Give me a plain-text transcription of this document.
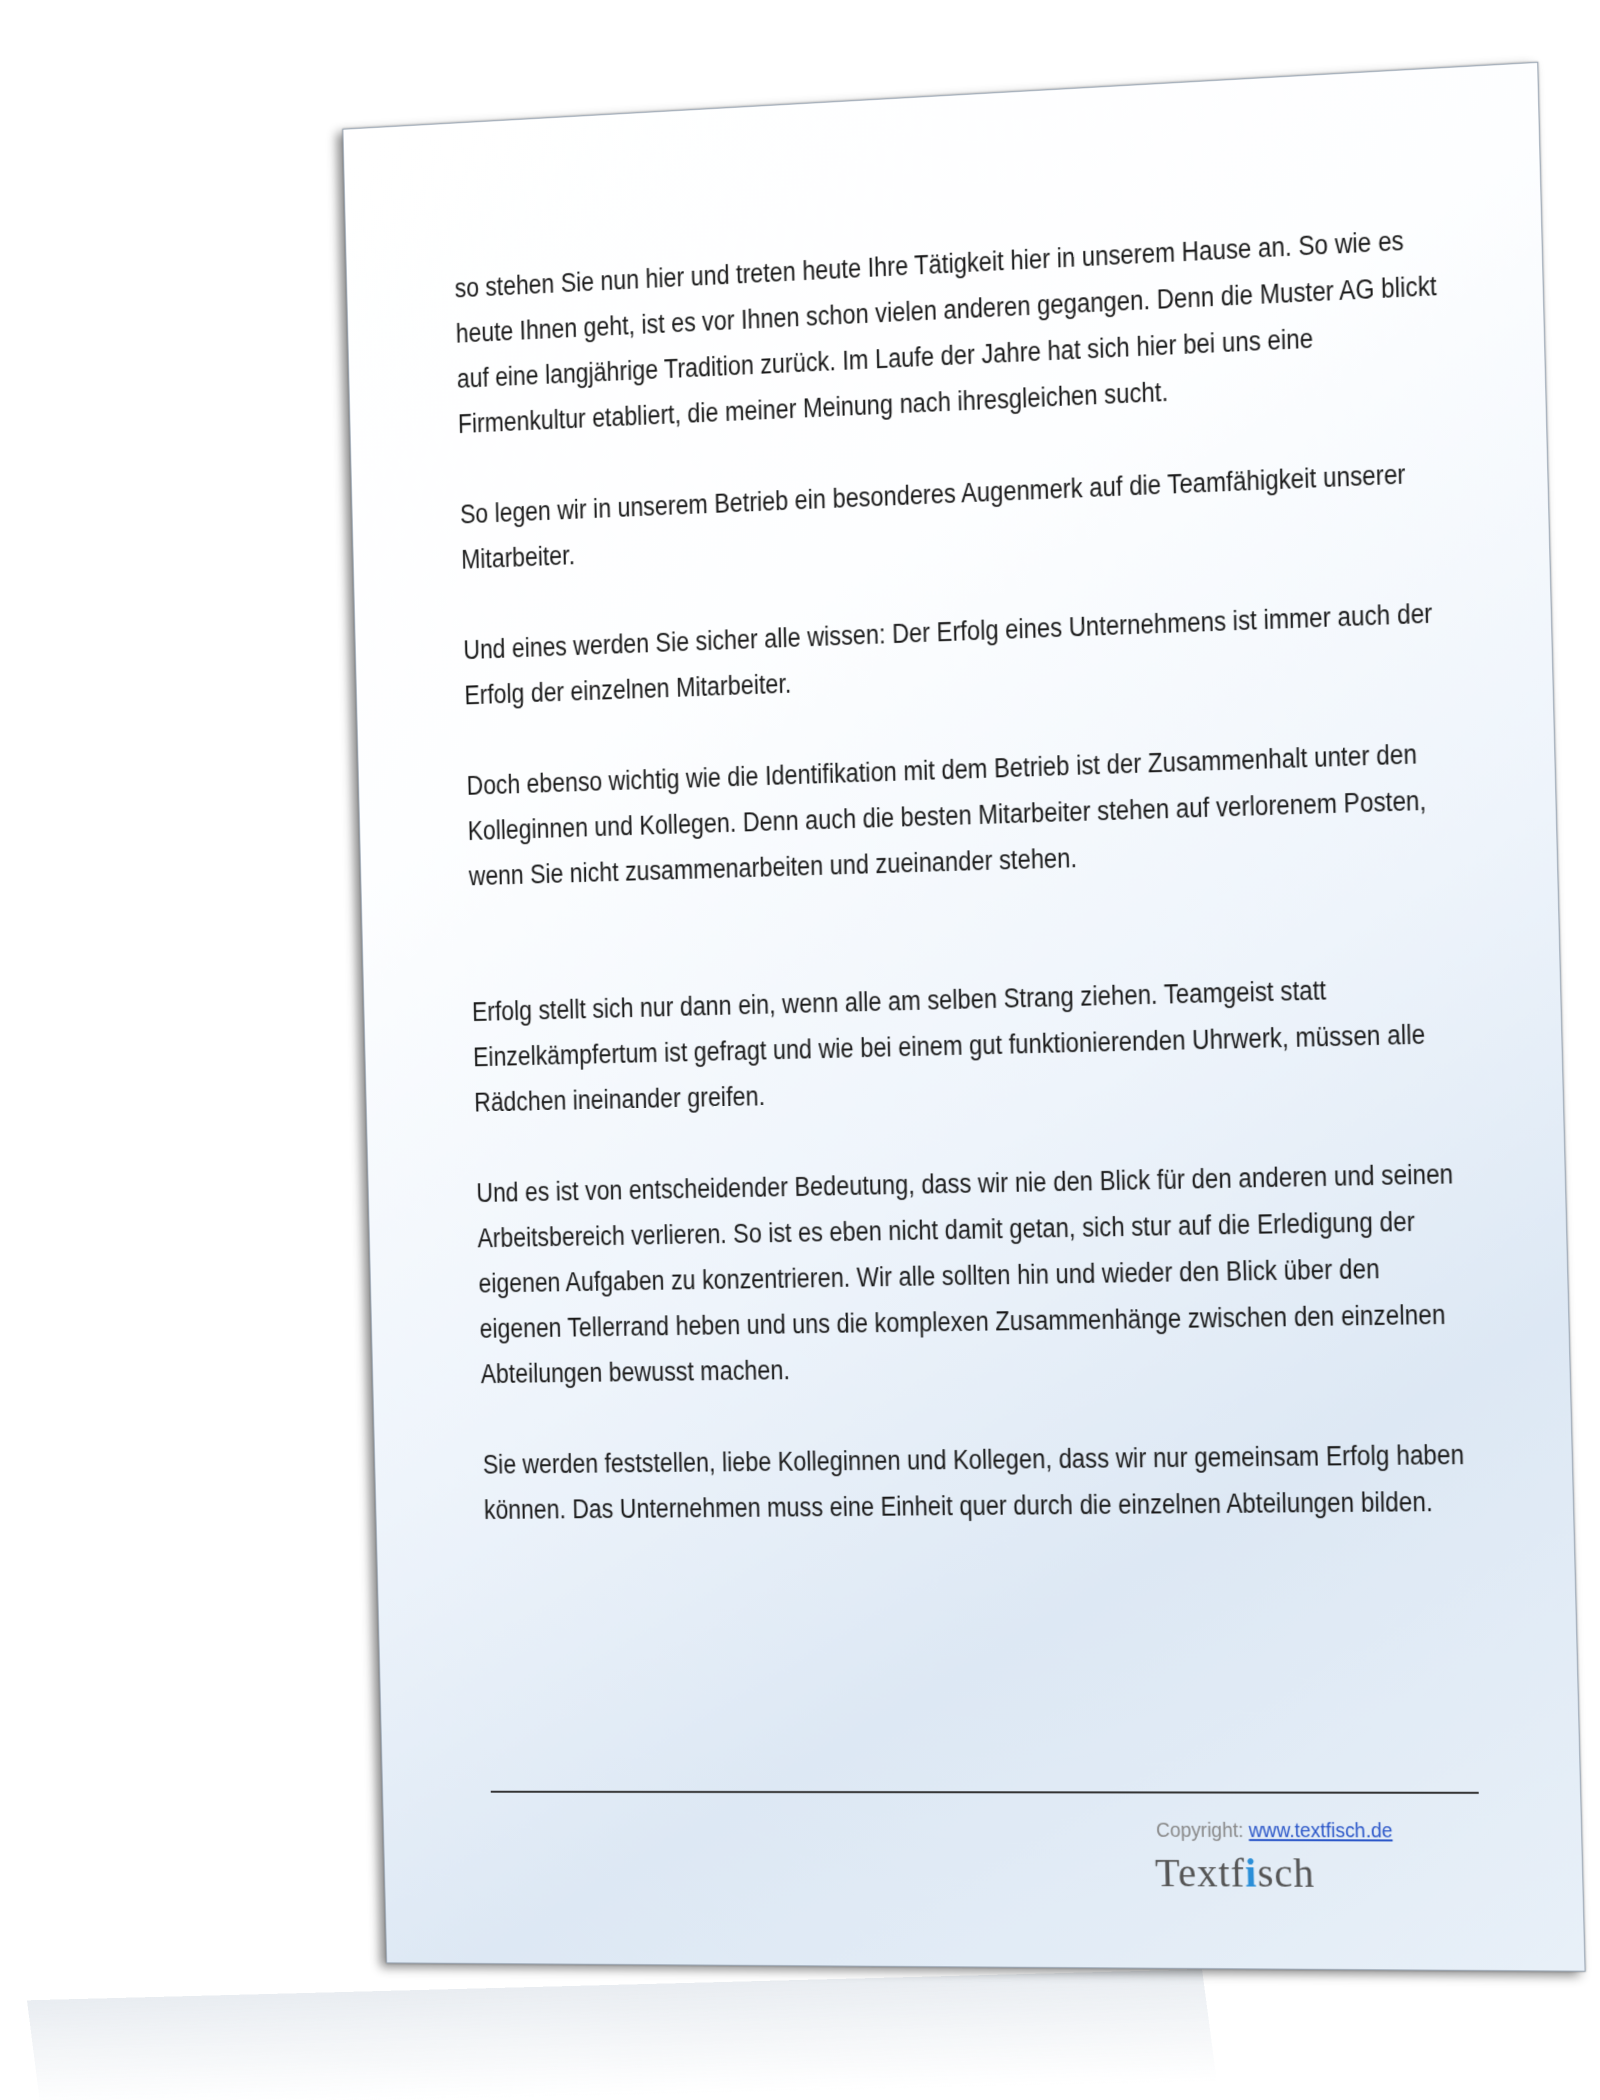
so stehen Sie nun hier und treten heute Ihre Tätigkeit hier in unserem Hause an. So wie es heute Ihnen geht, ist es vor Ihnen schon vielen anderen gegangen. Denn die Muster AG blickt auf eine langjährige Tradition zurück. Im Laufe der Jahre hat sich hier bei uns eine Firmenkultur etabliert, die meiner Meinung nach ihresgleichen sucht.

So legen wir in unserem Betrieb ein besonderes Augenmerk auf die Teamfähigkeit unserer Mitarbeiter.

Und eines werden Sie sicher alle wissen: Der Erfolg eines Unternehmens ist immer auch der Erfolg der einzelnen Mitarbeiter.

Doch ebenso wichtig wie die Identifikation mit dem Betrieb ist der Zusammenhalt unter den Kolleginnen und Kollegen. Denn auch die besten Mitarbeiter stehen auf verlorenem Posten, wenn Sie nicht zusammenarbeiten und zueinander stehen.

Erfolg stellt sich nur dann ein, wenn alle am selben Strang ziehen. Teamgeist statt Einzelkämpfertum ist gefragt und wie bei einem gut funktionierenden Uhrwerk, müssen alle Rädchen ineinander greifen.

Und es ist von entscheidender Bedeutung, dass wir nie den Blick für den anderen und seinen Arbeitsbereich verlieren. So ist es eben nicht damit getan, sich stur auf die Erledigung der eigenen Aufgaben zu konzentrieren. Wir alle sollten hin und wieder den Blick über den eigenen Tellerrand heben und uns die komplexen Zusammenhänge zwischen den einzelnen Abteilungen bewusst machen.

Sie werden feststellen, liebe Kolleginnen und Kollegen, dass wir nur gemeinsam Erfolg haben können. Das Unternehmen muss eine Einheit quer durch die einzelnen Abteilungen bilden.

Copyright: www.textfisch.de
Textfisch
